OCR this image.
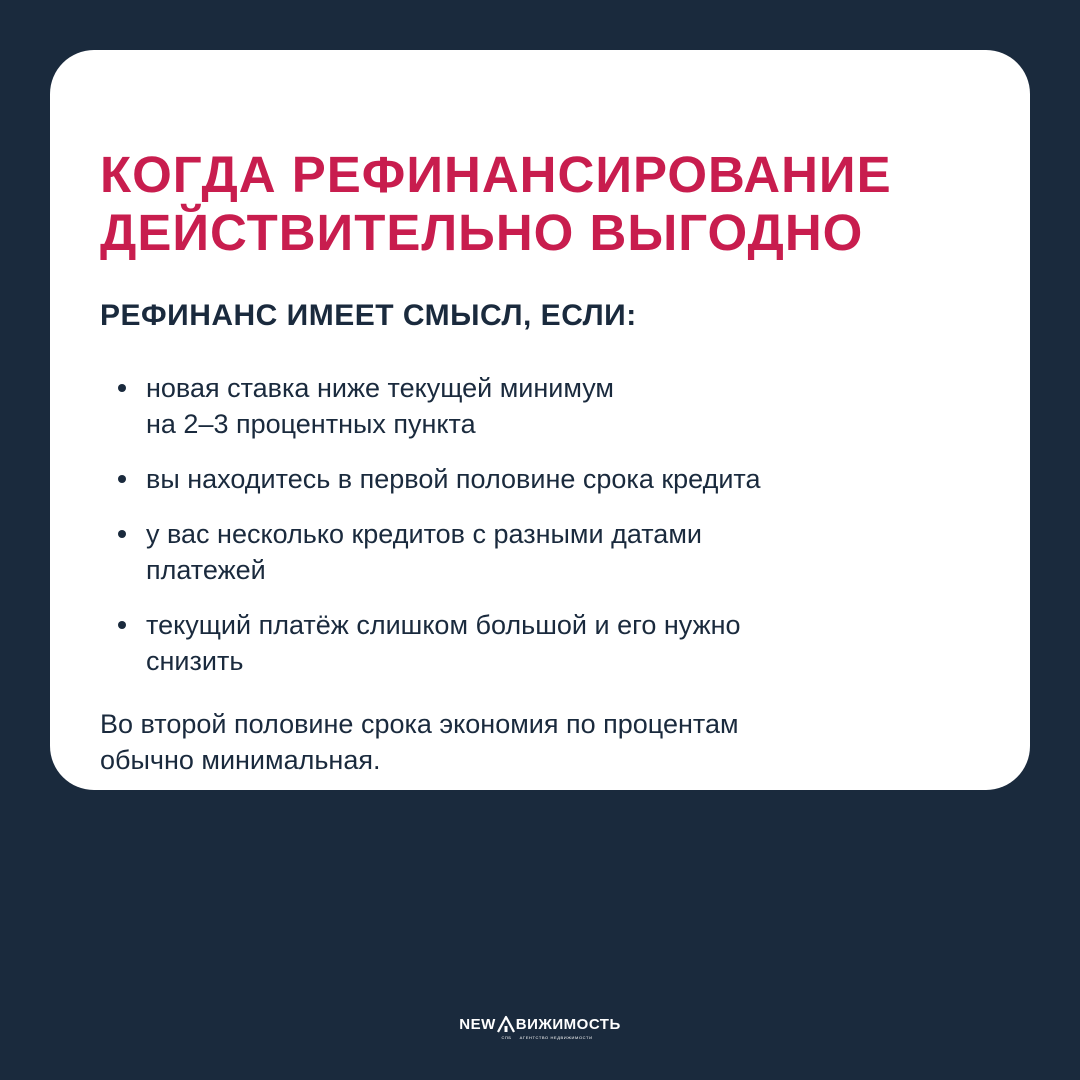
КОГДА РЕФИНАНСИРОВАНИЕ
ДЕЙСТВИТЕЛЬНО ВЫГОДНО
РЕФИНАНС ИМЕЕТ СМЫСЛ, ЕСЛИ:
новая ставка ниже текущей минимум
на 2–3 процентных пункта
вы находитесь в первой половине срока кредита
у вас несколько кредитов с разными датами
платежей
текущий платёж слишком большой и его нужно
снизить

Во второй половине срока экономия по процентам
обычно минимальная.

NEW ВИЖИМОСТЬ
СПБ АГЕНТСТВО НЕДВИЖИМОСТИ
